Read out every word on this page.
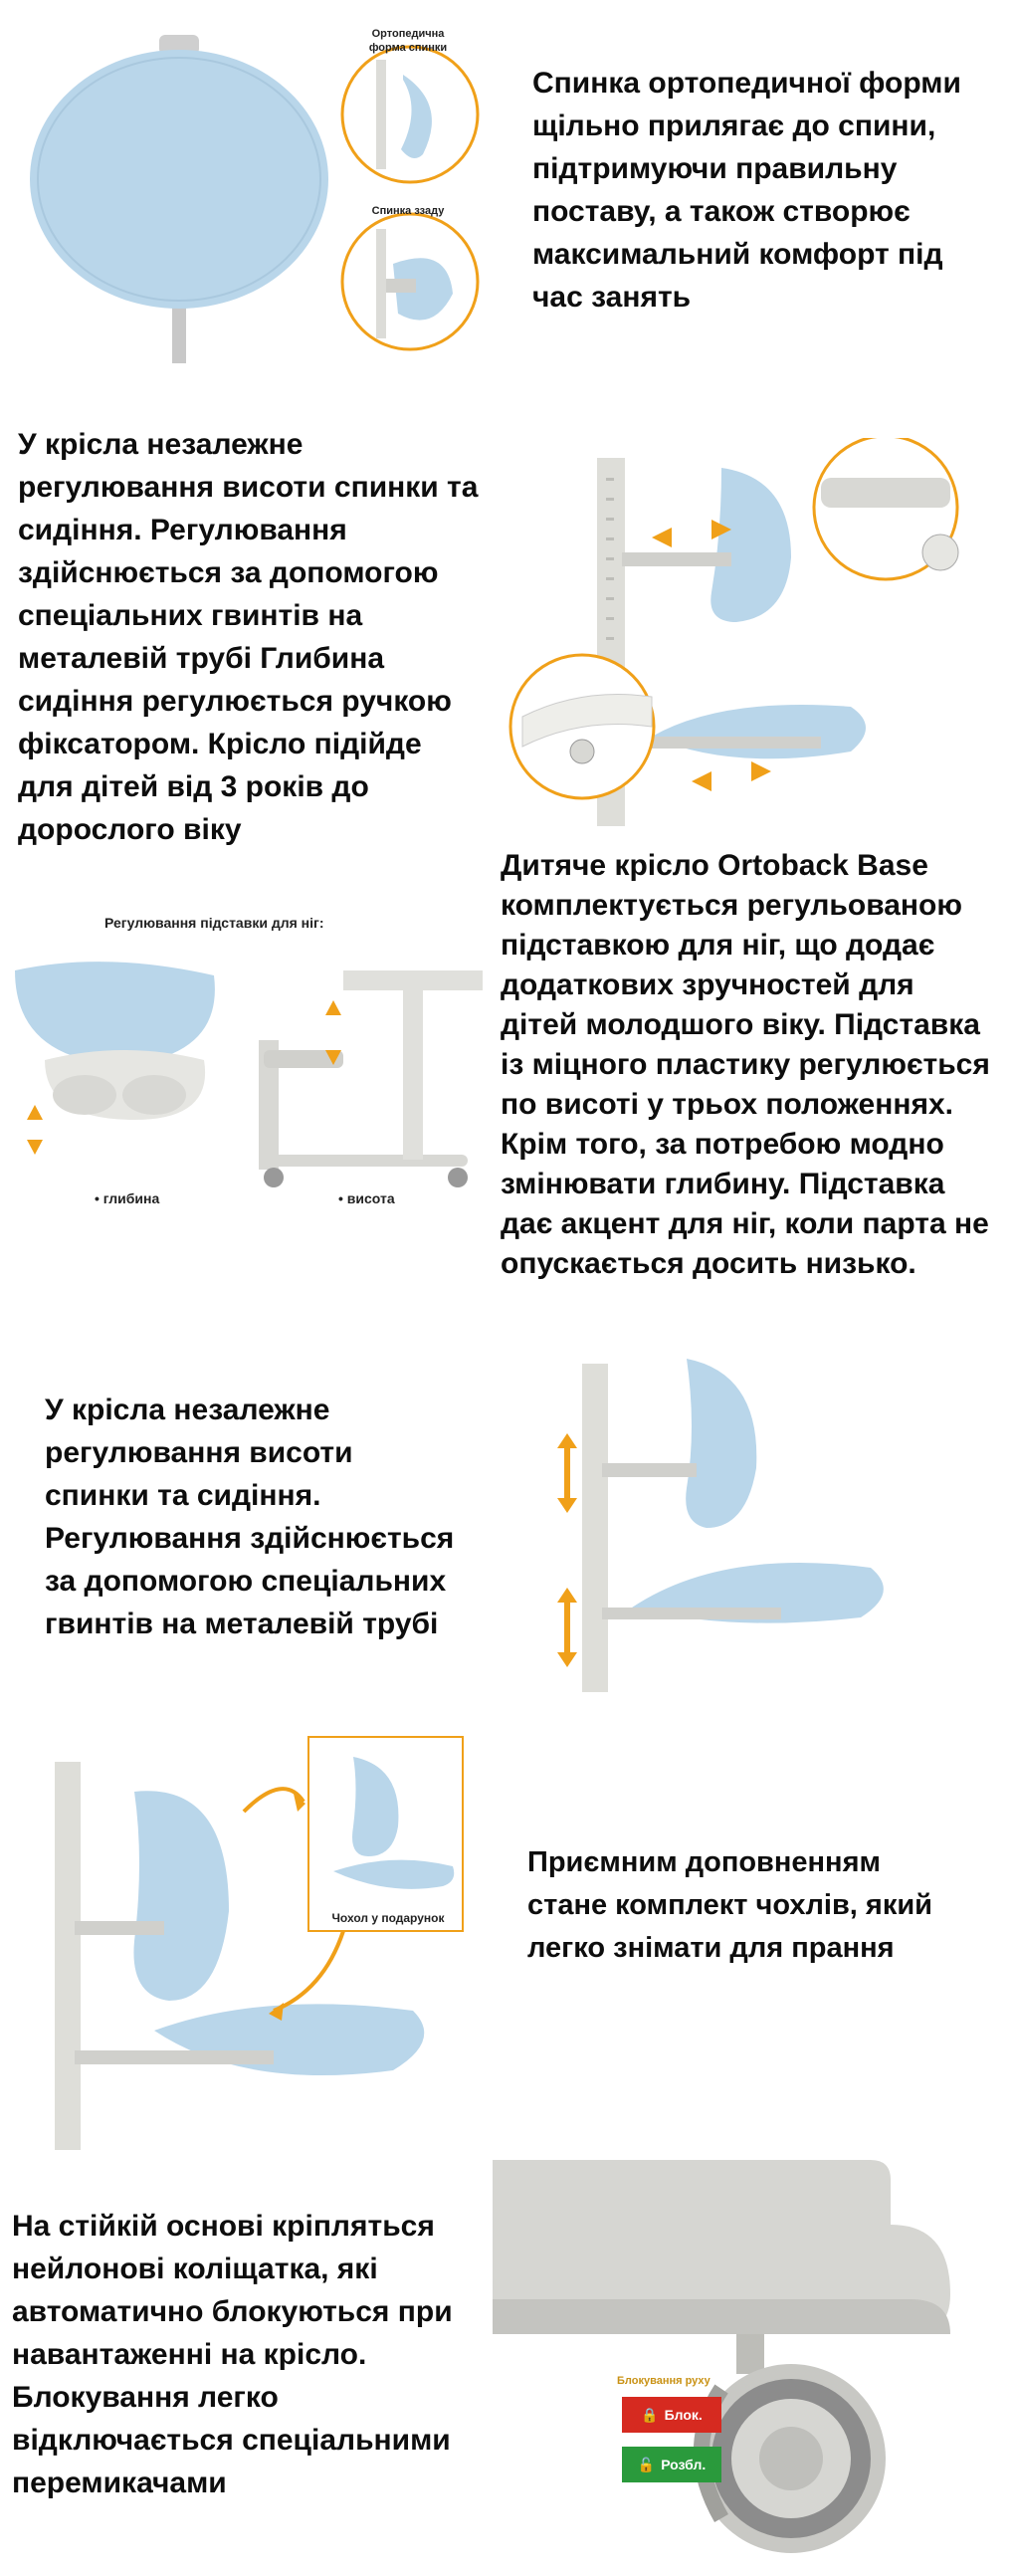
Ортопедична форма спинки
Спинка ззаду
Спинка ортопедичної форми
щільно прилягає до спини,
підтримуючи правильну
поставу, а також створює
максимальний комфорт під
час занять
У крісла незалежне
регулювання висоти спинки та
сидіння. Регулювання
здійснюється за допомогою
спеціальних гвинтів на
металевій трубі Глибина
сидіння регулюється ручкою
фіксатором. Крісло підійде
для дітей від 3 років до
дорослого віку
Регулювання підставки для ніг:
• глибина	• висота
Дитяче крісло Ortoback Base
комплектується регульованою
підставкою для ніг, що додає
додаткових зручностей для
дітей молодшого віку. Підставка
із міцного пластику регулюється
по висоті у трьох положеннях.
Крім того, за потребою модно
змінювати глибину. Підставка
дає акцент для ніг, коли парта не
опускається досить низько.
У крісла незалежне
регулювання висоти
спинки та сидіння.
Регулювання здійснюється
за допомогою спеціальних
гвинтів на металевій трубі
Чохол у подарунок
Приємним доповненням
стане комплект чохлів, який
легко знімати для прання
На стійкій основі кріпляться
нейлонові коліщатка, які
автоматично блокуються при
навантаженні на крісло.
Блокування легко
відключається спеціальними
перемикачами
Блокування руху
🔒 Блок.
🔓 Розбл.
